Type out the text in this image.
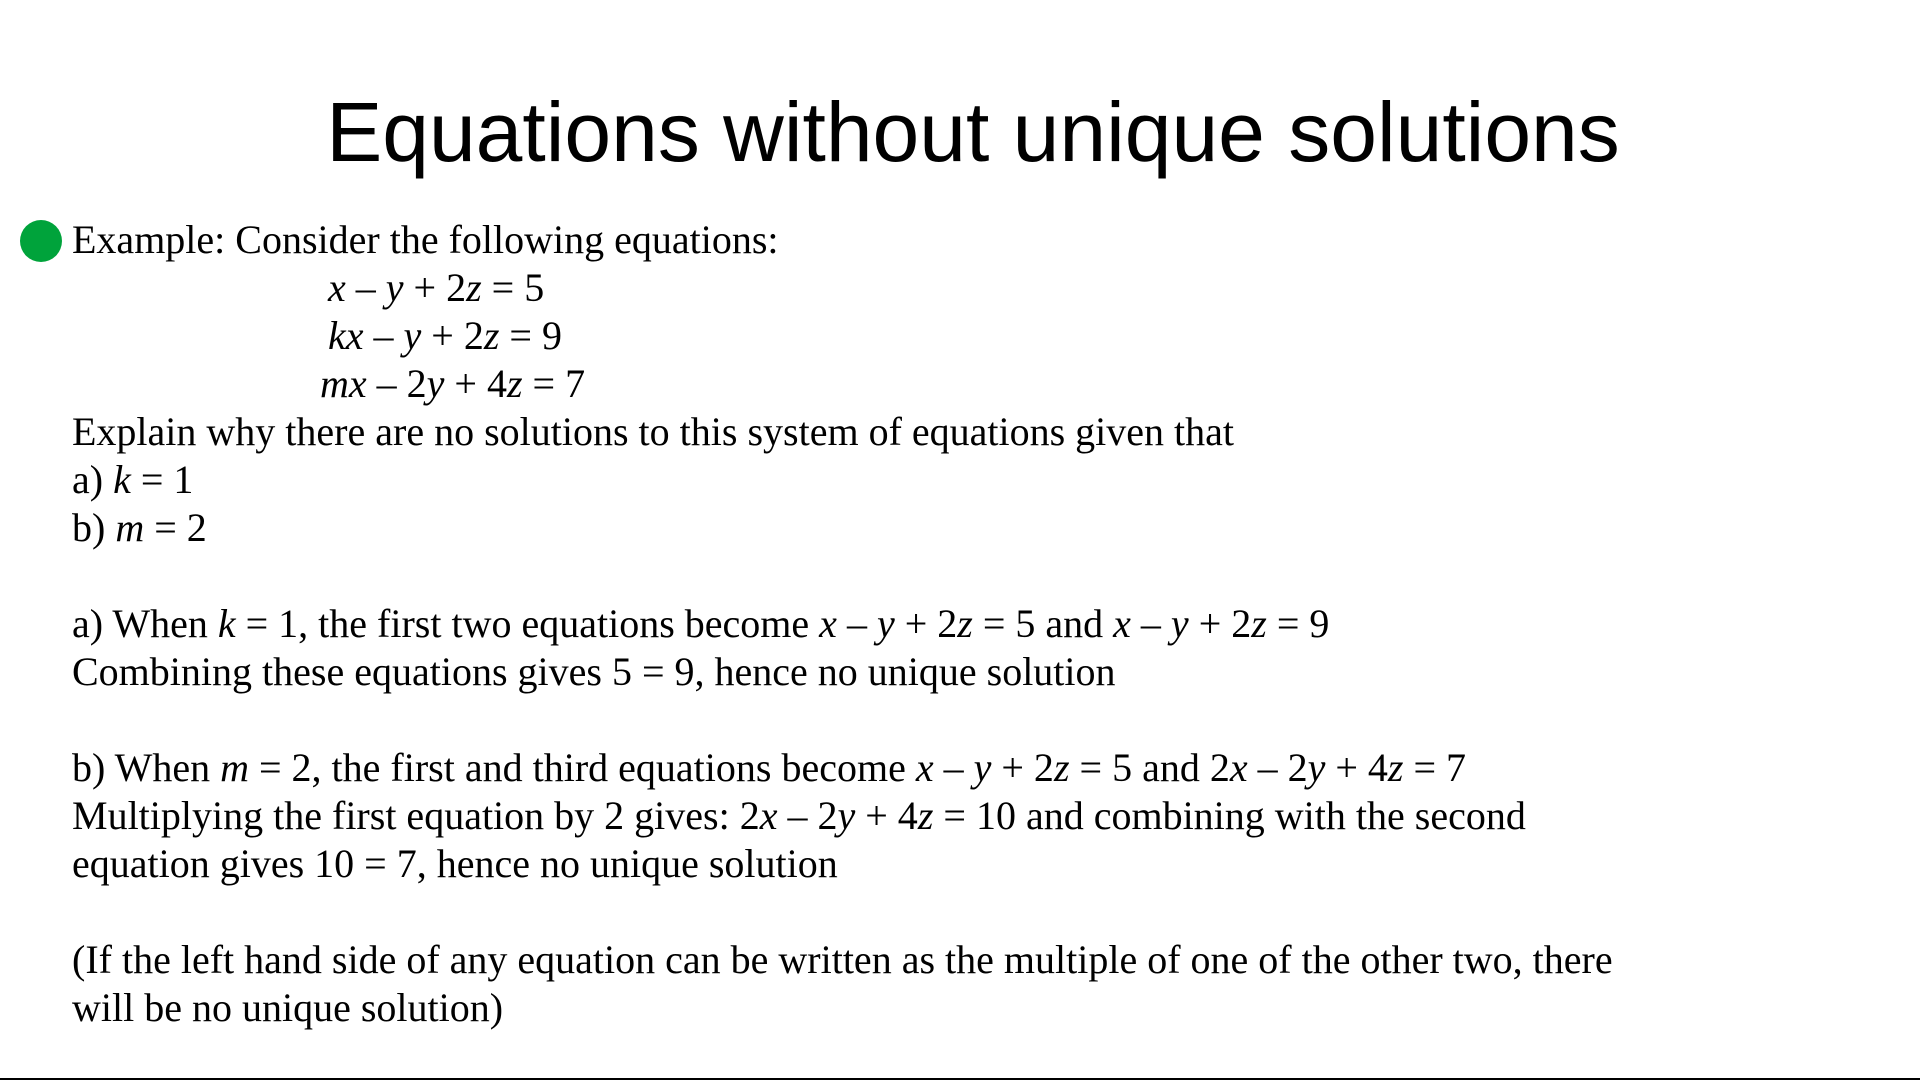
Equations without unique solutions
Example: Consider the following equations:
x – y + 2z = 5
kx – y + 2z = 9
mx – 2y + 4z = 7
Explain why there are no solutions to this system of equations given that
a) k = 1
b) m = 2
a) When k = 1, the first two equations become x – y + 2z = 5 and x – y + 2z = 9
Combining these equations gives 5 = 9, hence no unique solution
b) When m = 2, the first and third equations become x – y + 2z = 5 and 2x – 2y + 4z = 7
Multiplying the first equation by 2 gives: 2x – 2y + 4z = 10 and combining with the second
equation gives 10 = 7, hence no unique solution
(If the left hand side of any equation can be written as the multiple of one of the other two, there
will be no unique solution)
